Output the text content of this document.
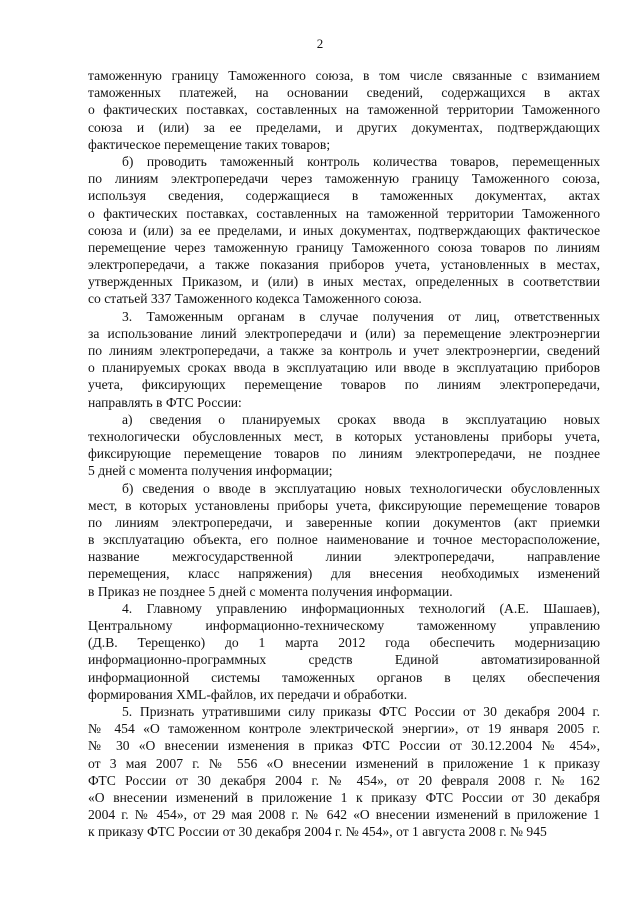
2
таможенную границу Таможенного союза, в том числе связанные с взиманием
таможенных платежей, на основании сведений, содержащихся в актах
о фактических поставках, составленных на таможенной территории Таможенного
союза и (или) за ее пределами, и других документах, подтверждающих
фактическое перемещение таких товаров;
б) проводить таможенный контроль количества товаров, перемещенных
по линиям электропередачи через таможенную границу Таможенного союза,
используя сведения, содержащиеся в таможенных документах, актах
о фактических поставках, составленных на таможенной территории Таможенного
союза и (или) за ее пределами, и иных документах, подтверждающих фактическое
перемещение через таможенную границу Таможенного союза товаров по линиям
электропередачи, а также показания приборов учета, установленных в местах,
утвержденных Приказом, и (или) в иных местах, определенных в соответствии
со статьей 337 Таможенного кодекса Таможенного союза.
3. Таможенным органам в случае получения от лиц, ответственных
за использование линий электропередачи и (или) за перемещение электроэнергии
по линиям электропередачи, а также за контроль и учет электроэнергии, сведений
о планируемых сроках ввода в эксплуатацию или вводе в эксплуатацию приборов
учета, фиксирующих перемещение товаров по линиям электропередачи,
направлять в ФТС России:
а) сведения о планируемых сроках ввода в эксплуатацию новых
технологически обусловленных мест, в которых установлены приборы учета,
фиксирующие перемещение товаров по линиям электропередачи, не позднее
5 дней с момента получения информации;
б) сведения о вводе в эксплуатацию новых технологически обусловленных
мест, в которых установлены приборы учета, фиксирующие перемещение товаров
по линиям электропередачи, и заверенные копии документов (акт приемки
в эксплуатацию объекта, его полное наименование и точное месторасположение,
название межгосударственной линии электропередачи, направление
перемещения, класс напряжения) для внесения необходимых изменений
в Приказ не позднее 5 дней с момента получения информации.
4. Главному управлению информационных технологий (А.Е. Шашаев),
Центральному информационно-техническому таможенному управлению
(Д.В. Терещенко) до 1 марта 2012 года обеспечить модернизацию
информационно-программных средств Единой автоматизированной
информационной системы таможенных органов в целях обеспечения
формирования XML-файлов, их передачи и обработки.
5. Признать утратившими силу приказы ФТС России от 30 декабря 2004 г.
№ 454 «О таможенном контроле электрической энергии», от 19 января 2005 г.
№ 30 «О внесении изменения в приказ ФТС России от 30.12.2004 № 454»,
от 3 мая 2007 г. № 556 «О внесении изменений в приложение 1 к приказу
ФТС России от 30 декабря 2004 г. № 454», от 20 февраля 2008 г. № 162
«О внесении изменений в приложение 1 к приказу ФТС России от 30 декабря
2004 г. № 454», от 29 мая 2008 г. № 642 «О внесении изменений в приложение 1
к приказу ФТС России от 30 декабря 2004 г. № 454», от 1 августа 2008 г. № 945
